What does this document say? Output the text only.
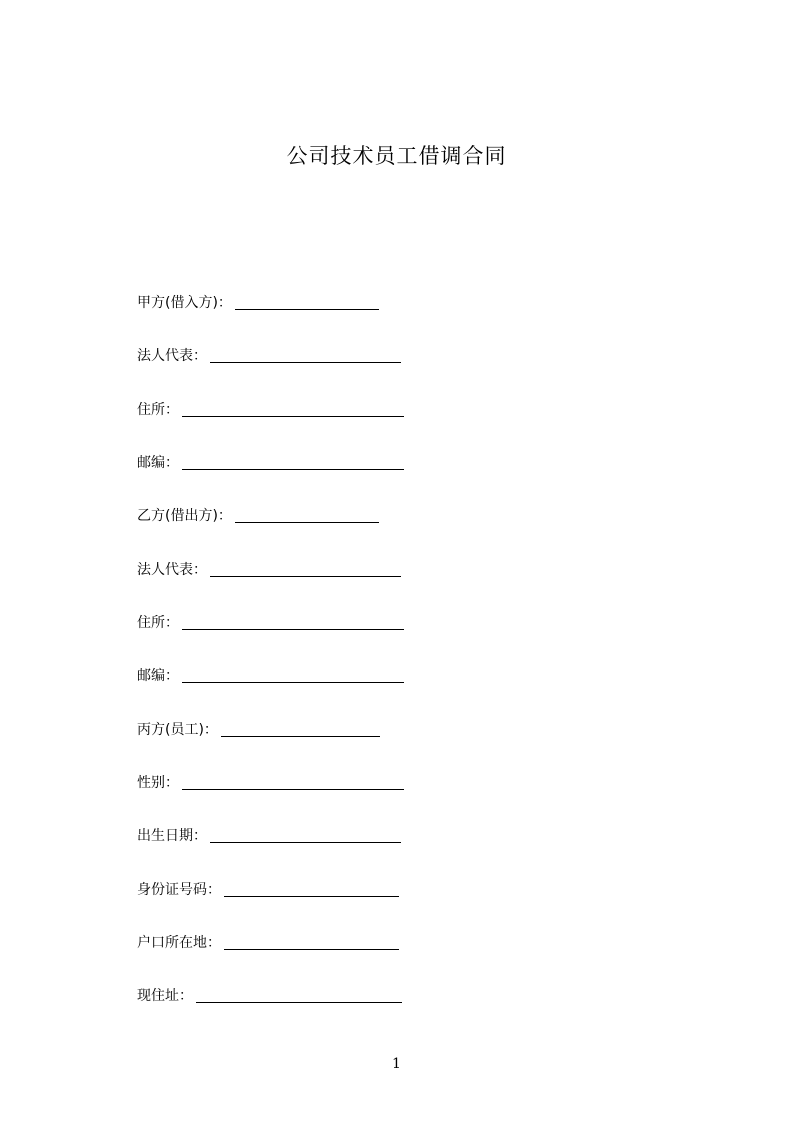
公司技术员工借调合同
甲方(借入方)：
法人代表：
住所：
邮编：
乙方(借出方)：
法人代表：
住所：
邮编：
丙方(员工)：
性别：
出生日期：
身份证号码：
户口所在地：
现住址：
1
